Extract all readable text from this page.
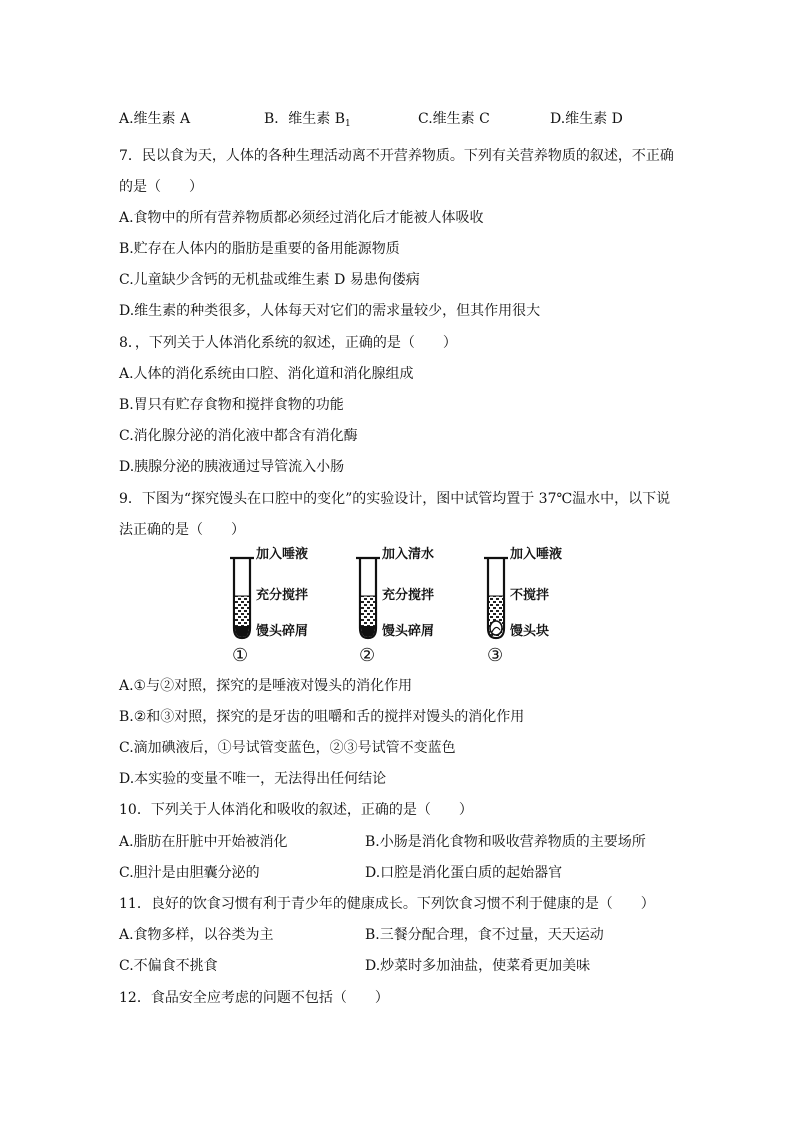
A.维生素 A	B．维生素 $B_1$	C.维生素 C	D.维生素 D
7．民以食为天，人体的各种生理活动离不开营养物质。下列有关营养物质的叙述，不正确
的是（　　）
A.食物中的所有营养物质都必须经过消化后才能被人体吸收
B.贮存在人体内的脂肪是重要的备用能源物质
C.儿童缺少含钙的无机盐或维生素 D 易患佝偻病
D.维生素的种类很多，人体每天对它们的需求量较少，但其作用很大
8．，下列关于人体消化系统的叙述，正确的是（　　）
A.人体的消化系统由口腔、消化道和消化腺组成
B.胃只有贮存食物和搅拌食物的功能
C.消化腺分泌的消化液中都含有消化酶
D.胰腺分泌的胰液通过导管流入小肠
9．下图为“探究馒头在口腔中的变化”的实验设计，图中试管均置于 37℃温水中，以下说
法正确的是（　　）
加入唾液
充分搅拌
馒头碎屑
①
加入清水
充分搅拌
馒头碎屑
②
加入唾液
不搅拌
馒头块
③
A.①与②对照，探究的是唾液对馒头的消化作用
B.②和③对照，探究的是牙齿的咀嚼和舌的搅拌对馒头的消化作用
C.滴加碘液后，①号试管变蓝色，②③号试管不变蓝色
D.本实验的变量不唯一，无法得出任何结论
10．下列关于人体消化和吸收的叙述，正确的是（　　）
A.脂肪在肝脏中开始被消化	B.小肠是消化食物和吸收营养物质的主要场所
C.胆汁是由胆囊分泌的	D.口腔是消化蛋白质的起始器官
11．良好的饮食习惯有利于青少年的健康成长。下列饮食习惯不利于健康的是（　　）
A.食物多样，以谷类为主	B.三餐分配合理，食不过量，天天运动
C.不偏食不挑食	D.炒菜时多加油盐，使菜肴更加美味
12．食品安全应考虑的问题不包括（　　）
